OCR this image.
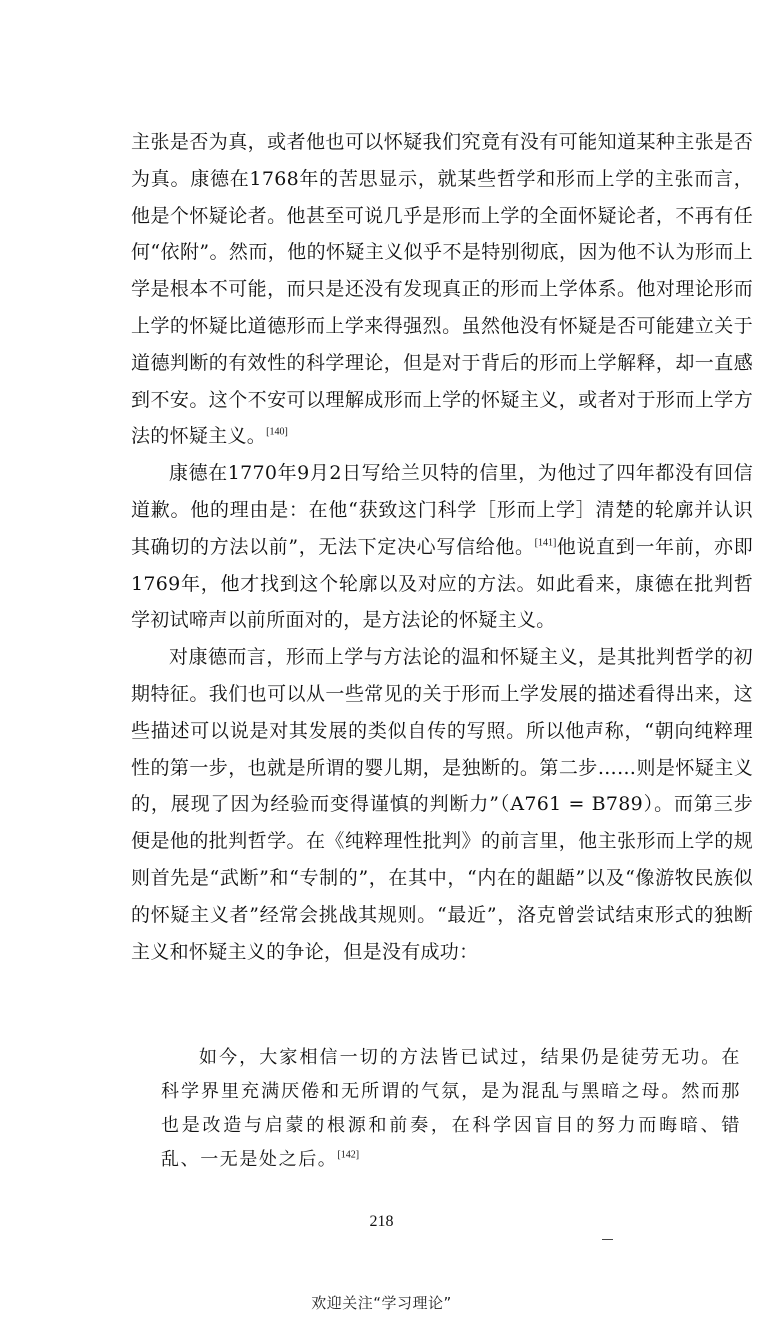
主张是否为真，或者他也可以怀疑我们究竟有没有可能知道某种主张是否为真。康德在1768年的苦思显示，就某些哲学和形而上学的主张而言，他是个怀疑论者。他甚至可说几乎是形而上学的全面怀疑论者，不再有任何“依附”。然而，他的怀疑主义似乎不是特别彻底，因为他不认为形而上学是根本不可能，而只是还没有发现真正的形而上学体系。他对理论形而上学的怀疑比道德形而上学来得强烈。虽然他没有怀疑是否可能建立关于道德判断的有效性的科学理论，但是对于背后的形而上学解释，却一直感到不安。这个不安可以理解成形而上学的怀疑主义，或者对于形而上学方法的怀疑主义。[140]

康德在1770年9月2日写给兰贝特的信里，为他过了四年都没有回信道歉。他的理由是：在他“获致这门科学［形而上学］清楚的轮廓并认识其确切的方法以前”，无法下定决心写信给他。[141]他说直到一年前，亦即1769年，他才找到这个轮廓以及对应的方法。如此看来，康德在批判哲学初试啼声以前所面对的，是方法论的怀疑主义。

对康德而言，形而上学与方法论的温和怀疑主义，是其批判哲学的初期特征。我们也可以从一些常见的关于形而上学发展的描述看得出来，这些描述可以说是对其发展的类似自传的写照。所以他声称，“朝向纯粹理性的第一步，也就是所谓的婴儿期，是独断的。第二步……则是怀疑主义的，展现了因为经验而变得谨慎的判断力”（A761 = B789）。而第三步便是他的批判哲学。在《纯粹理性批判》的前言里，他主张形而上学的规则首先是“武断”和“专制的”，在其中，“内在的龃龉”以及“像游牧民族似的怀疑主义者”经常会挑战其规则。“最近”，洛克曾尝试结束形式的独断主义和怀疑主义的争论，但是没有成功：

如今，大家相信一切的方法皆已试过，结果仍是徒劳无功。在科学界里充满厌倦和无所谓的气氛，是为混乱与黑暗之母。然而那也是改造与启蒙的根源和前奏，在科学因盲目的努力而晦暗、错乱、一无是处之后。[142]

218
欢迎关注“学习理论”
